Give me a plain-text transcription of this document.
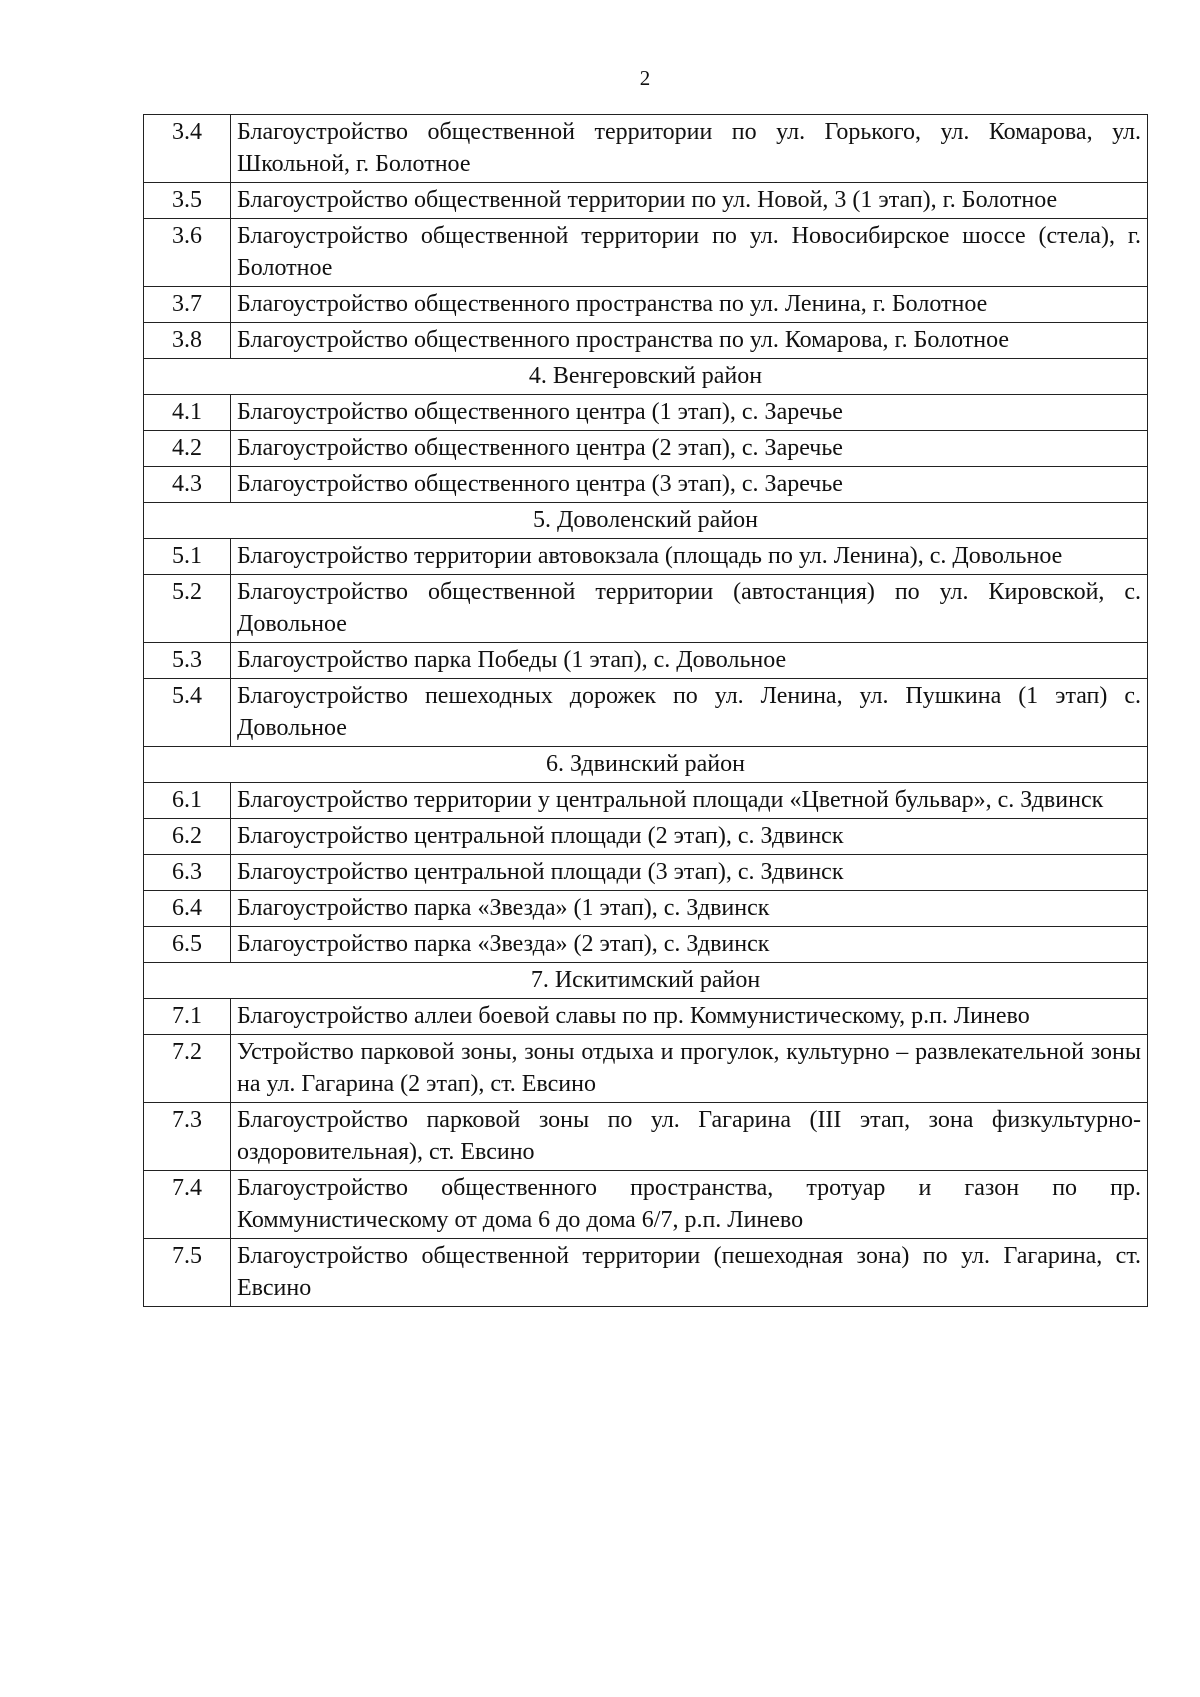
2
3.4	Благоустройство общественной территории по ул. Горького, ул. Комарова, ул. Школьной, г. Болотное
3.5	Благоустройство общественной территории по ул. Новой, 3 (1 этап), г. Болотное
3.6	Благоустройство общественной территории по ул. Новосибирское шоссе (стела), г. Болотное
3.7	Благоустройство общественного пространства по ул. Ленина, г. Болотное
3.8	Благоустройство общественного пространства по ул. Комарова, г. Болотное
4. Венгеровский район	
4.1	Благоустройство общественного центра (1 этап), с. Заречье
4.2	Благоустройство общественного центра (2 этап), с. Заречье
4.3	Благоустройство общественного центра (3 этап), с. Заречье
5. Доволенский район	
5.1	Благоустройство территории автовокзала (площадь по ул. Ленина), с. Довольное
5.2	Благоустройство общественной территории (автостанция) по ул. Кировской, с. Довольное
5.3	Благоустройство парка Победы (1 этап), с. Довольное
5.4	Благоустройство пешеходных дорожек по ул. Ленина, ул. Пушкина (1 этап) с. Довольное
6. Здвинский район	
6.1	Благоустройство территории у центральной площади «Цветной бульвар», с. Здвинск
6.2	Благоустройство центральной площади (2 этап), с. Здвинск
6.3	Благоустройство центральной площади (3 этап), с. Здвинск
6.4	Благоустройство парка «Звезда» (1 этап), с. Здвинск
6.5	Благоустройство парка «Звезда» (2 этап), с. Здвинск
7. Искитимский район	
7.1	Благоустройство аллеи боевой славы по пр. Коммунистическому, р.п. Линево
7.2	Устройство парковой зоны, зоны отдыха и прогулок, культурно – развлекательной зоны на ул. Гагарина (2 этап), ст. Евсино
7.3	Благоустройство парковой зоны по ул. Гагарина (III этап, зона физкультурно-оздоровительная), ст. Евсино
7.4	Благоустройство общественного пространства, тротуар и газон по пр. Коммунистическому от дома 6 до дома 6/7, р.п. Линево
7.5	Благоустройство общественной территории (пешеходная зона) по ул. Гагарина, ст. Евсино
